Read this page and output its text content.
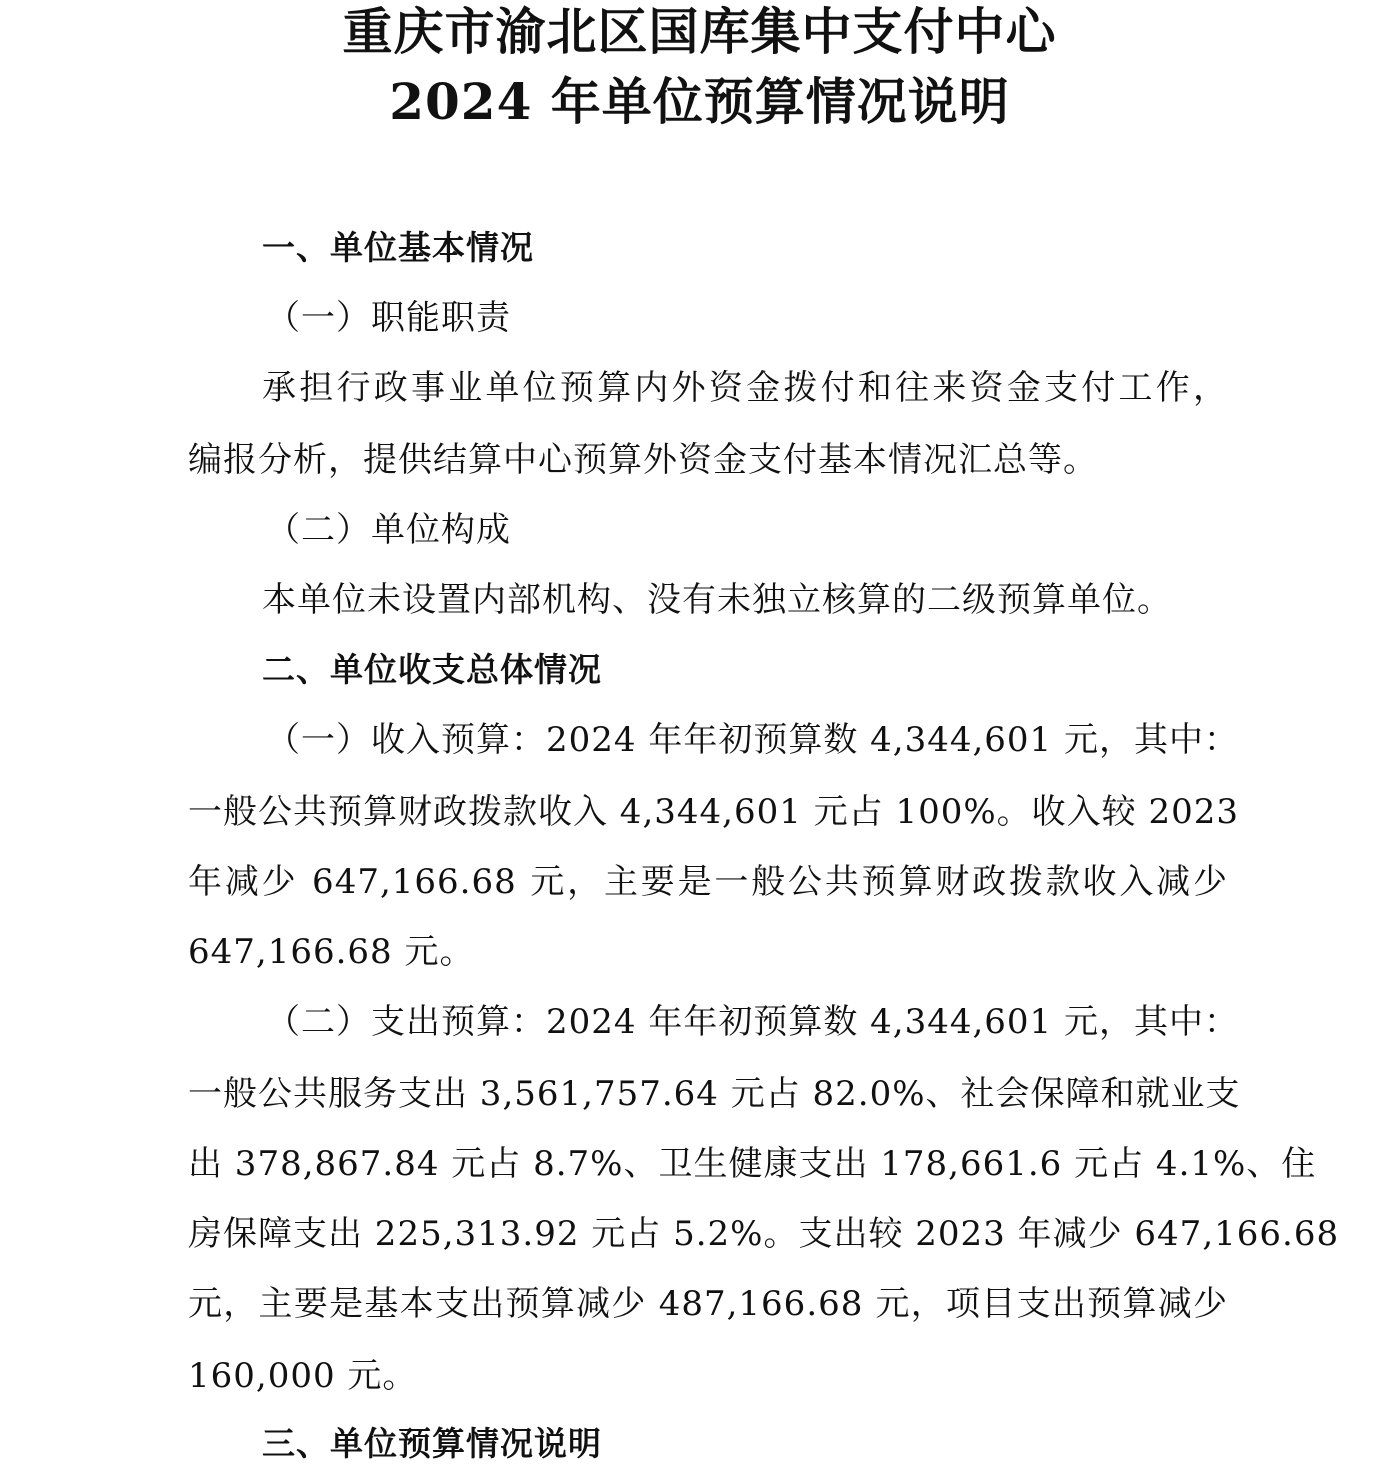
重庆市渝北区国库集中支付中心
2024 年单位预算情况说明
一、单位基本情况
（一）职能职责
承担行政事业单位预算内外资金拨付和往来资金支付工作，
编报分析，提供结算中心预算外资金支付基本情况汇总等。
（二）单位构成
本单位未设置内部机构、没有未独立核算的二级预算单位。
二、单位收支总体情况
（一）收入预算：2024 年年初预算数 4,344,601 元，其中：
一般公共预算财政拨款收入 4,344,601 元占 100%。收入较 2023
年减少 647,166.68 元，主要是一般公共预算财政拨款收入减少
647,166.68 元。
（二）支出预算：2024 年年初预算数 4,344,601 元，其中：
一般公共服务支出 3,561,757.64 元占 82.0%、社会保障和就业支
出 378,867.84 元占 8.7%、卫生健康支出 178,661.6 元占 4.1%、住
房保障支出 225,313.92 元占 5.2%。支出较 2023 年减少 647,166.68
元，主要是基本支出预算减少 487,166.68 元，项目支出预算减少
160,000 元。
三、单位预算情况说明
